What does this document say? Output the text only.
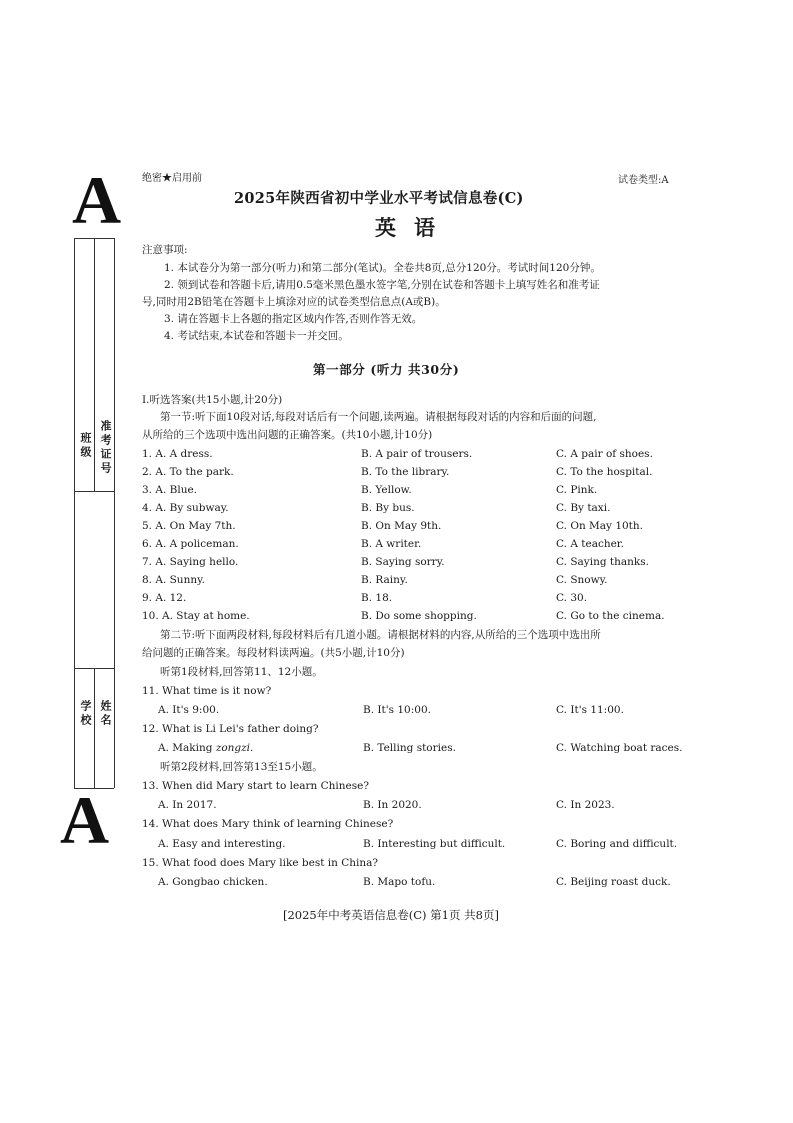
A
A
班级 准考证号
学校 姓名
绝密★启用前	试卷类型:A
2025年陕西省初中学业水平考试信息卷(C)
英语
注意事项:
1. 本试卷分为第一部分(听力)和第二部分(笔试)。全卷共8页,总分120分。考试时间120分钟。
2. 领到试卷和答题卡后,请用0.5毫米黑色墨水签字笔,分别在试卷和答题卡上填写姓名和准考证
号,同时用2B铅笔在答题卡上填涂对应的试卷类型信息点(A或B)。
3. 请在答题卡上各题的指定区域内作答,否则作答无效。
4. 考试结束,本试卷和答题卡一并交回。
第一部分 (听力 共30分)
Ⅰ.听选答案(共15小题,计20分)
第一节:听下面10段对话,每段对话后有一个问题,读两遍。请根据每段对话的内容和后面的问题,
从所给的三个选项中选出问题的正确答案。(共10小题,计10分)
1. A. A dress.	B. A pair of trousers.	C. A pair of shoes.
2. A. To the park.	B. To the library.	C. To the hospital.
3. A. Blue.	B. Yellow.	C. Pink.
4. A. By subway.	B. By bus.	C. By taxi.
5. A. On May 7th.	B. On May 9th.	C. On May 10th.
6. A. A policeman.	B. A writer.	C. A teacher.
7. A. Saying hello.	B. Saying sorry.	C. Saying thanks.
8. A. Sunny.	B. Rainy.	C. Snowy.
9. A. 12.	B. 18.	C. 30.
10. A. Stay at home.	B. Do some shopping.	C. Go to the cinema.
第二节:听下面两段材料,每段材料后有几道小题。请根据材料的内容,从所给的三个选项中选出所
给问题的正确答案。每段材料读两遍。(共5小题,计10分)
听第1段材料,回答第11、12小题。
11. What time is it now?
A. It's 9:00.	B. It's 10:00.	C. It's 11:00.
12. What is Li Lei's father doing?
A. Making zongzi.	B. Telling stories.	C. Watching boat races.
听第2段材料,回答第13至15小题。
13. When did Mary start to learn Chinese?
A. In 2017.	B. In 2020.	C. In 2023.
14. What does Mary think of learning Chinese?
A. Easy and interesting.	B. Interesting but difficult.	C. Boring and difficult.
15. What food does Mary like best in China?
A. Gongbao chicken.	B. Mapo tofu.	C. Beijing roast duck.
[2025年中考英语信息卷(C) 第1页 共8页]
